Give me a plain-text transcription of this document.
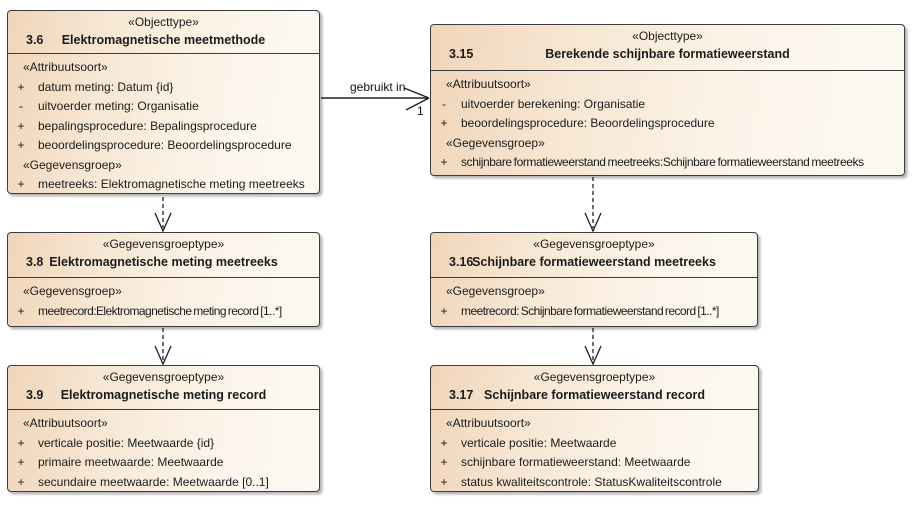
«Objecttype»
3.6 Elektromagnetische meetmethode
«Attribuutsoort»
+ datum meting: Datum {id}
-	uitvoerder meting: Organisatie
+ bepalingsprocedure: Bepalingsprocedure
+ beoordelingsprocedure: Beoordelingsprocedure
«Gegevensgroep»
+ meetreeks: Elektromagnetische meting meetreeks
«Objecttype»
3.15	Berekende schijnbare formatieweerstand
«Attribuutsoort»
-	uitvoerder berekening: Organisatie
+ beoordelingsprocedure: Beoordelingsprocedure
«Gegevensgroep»
+ schijnbare formatieweerstand meetreeks:Schijnbare formatieweerstand meetreeks
«Gegevensgroeptype»
3.8 Elektromagnetische meting meetreeks
«Gegevensgroep»
+ meetrecord:Elektromagnetische meting record [1..*]
«Gegevensgroeptype»
3.16
Schijnbare formatieweerstand meetreeks
«Gegevensgroep»
+ meetrecord: Schijnbare formatieweerstand record [1..*]
«Gegevensgroeptype»
3.9 Elektromagnetische meting record
«Attribuutsoort»
+ verticale positie: Meetwaarde {id}
+ primaire meetwaarde: Meetwaarde
+ secundaire meetwaarde: Meetwaarde [0..1]
«Gegevensgroeptype»
3.17 Schijnbare formatieweerstand record
«Attribuutsoort»
+ verticale positie: Meetwaarde
+ schijnbare formatieweerstand: Meetwaarde
+ status kwaliteitscontrole: StatusKwaliteitscontrole
gebruikt in
1
